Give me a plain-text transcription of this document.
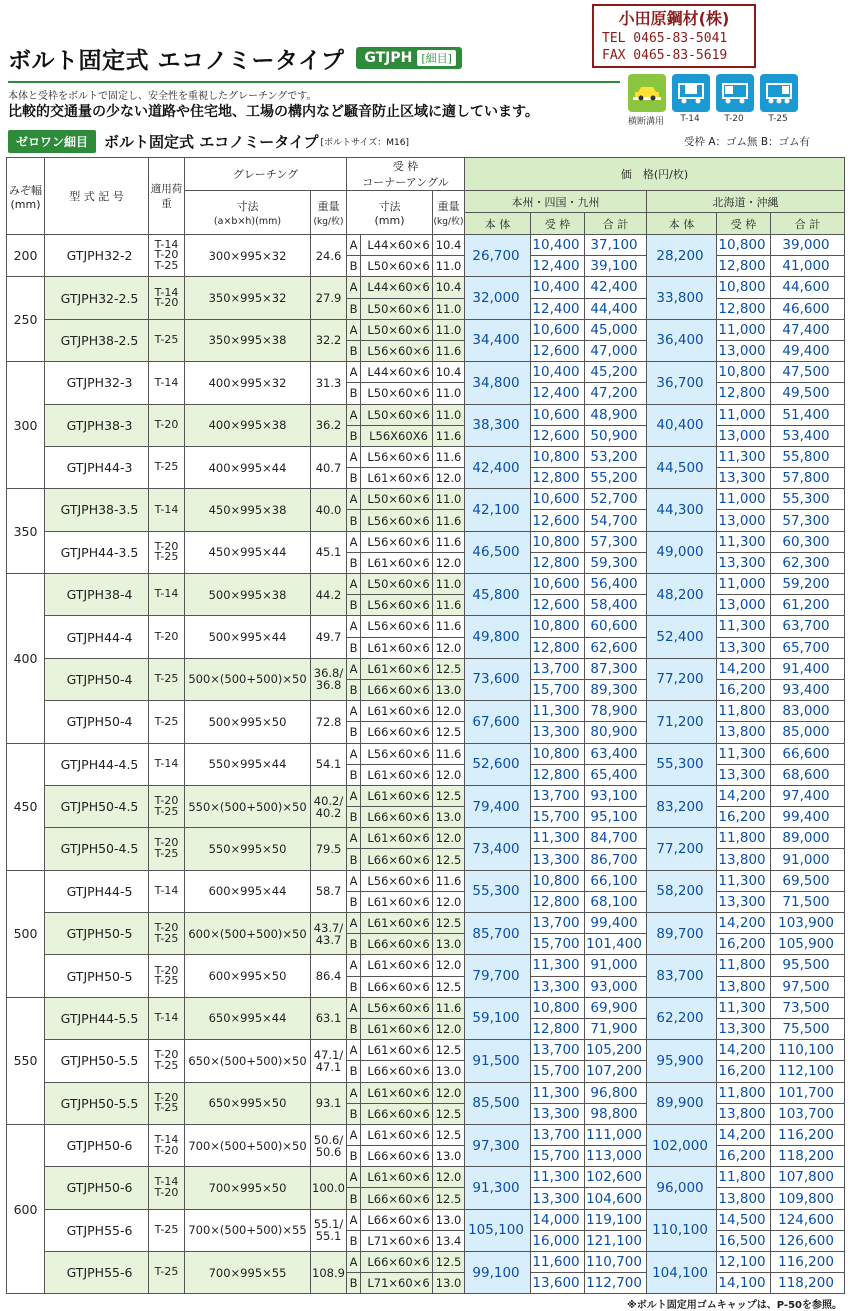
ボルト固定式 エコノミータイプ GTJPH [細目]
小田原鋼材(株)
TEL 0465-83-5041
FAX 0465-83-5619
本体と受枠をボルトで固定し、安全性を重視したグレーチングです。
比較的交通量の少ない道路や住宅地、工場の構内など騒音防止区域に適しています。
横断溝用	T-14	T-20	T-25
受枠 A：ゴム無 B：ゴム有
ゼロワン細目	ボルト固定式 エコノミータイプ [ボルトサイズ：M16]
みぞ幅
(mm)	型 式 記 号	適用荷重	グレーチング		受 枠
コーナーアングル			価　格(円/枚)					
			寸法
(a×b×h)(mm)	重量
(kg/枚)	寸法
(mm)		重量
(kg/枚)	本州・四国・九州			北海道・沖縄		
								本 体	受 枠	合 計	本 体	受 枠	合 計
200	GTJPH32-2	T-14
T-20
T-25	300×995×32	24.6	A	L44×60×6	10.4	26,700	10,400	37,100	28,200	10,800	39,000
					B	L50×60×6	11.0		12,400	39,100		12,800	41,000
250	GTJPH32-2.5	T-14
T-20	350×995×32	27.9	A	L44×60×6	10.4	32,000	10,400	42,400	33,800	10,800	44,600
					B	L50×60×6	11.0		12,400	44,400		12,800	46,600
	GTJPH38-2.5	T-25	350×995×38	32.2	A	L50×60×6	11.0	34,400	10,600	45,000	36,400	11,000	47,400
					B	L56×60×6	11.6		12,600	47,000		13,000	49,400
300	GTJPH32-3	T-14	400×995×32	31.3	A	L44×60×6	10.4	34,800	10,400	45,200	36,700	10,800	47,500
					B	L50×60×6	11.0		12,400	47,200		12,800	49,500
	GTJPH38-3	T-20	400×995×38	36.2	A	L50×60×6	11.0	38,300	10,600	48,900	40,400	11,000	51,400
					B	L56X60X6	11.6		12,600	50,900		13,000	53,400
	GTJPH44-3	T-25	400×995×44	40.7	A	L56×60×6	11.6	42,400	10,800	53,200	44,500	11,300	55,800
					B	L61×60×6	12.0		12,800	55,200		13,300	57,800
350	GTJPH38-3.5	T-14	450×995×38	40.0	A	L50×60×6	11.0	42,100	10,600	52,700	44,300	11,000	55,300
					B	L56×60×6	11.6		12,600	54,700		13,000	57,300
	GTJPH44-3.5	T-20
T-25	450×995×44	45.1	A	L56×60×6	11.6	46,500	10,800	57,300	49,000	11,300	60,300
					B	L61×60×6	12.0		12,800	59,300		13,300	62,300
400	GTJPH38-4	T-14	500×995×38	44.2	A	L50×60×6	11.0	45,800	10,600	56,400	48,200	11,000	59,200
					B	L56×60×6	11.6		12,600	58,400		13,000	61,200
	GTJPH44-4	T-20	500×995×44	49.7	A	L56×60×6	11.6	49,800	10,800	60,600	52,400	11,300	63,700
					B	L61×60×6	12.0		12,800	62,600		13,300	65,700
	GTJPH50-4	T-25	500×(500+500)×50	36.8/
36.8	A	L61×60×6	12.5	73,600	13,700	87,300	77,200	14,200	91,400
					B	L66×60×6	13.0		15,700	89,300		16,200	93,400
	GTJPH50-4	T-25	500×995×50	72.8	A	L61×60×6	12.0	67,600	11,300	78,900	71,200	11,800	83,000
					B	L66×60×6	12.5		13,300	80,900		13,800	85,000
450	GTJPH44-4.5	T-14	550×995×44	54.1	A	L56×60×6	11.6	52,600	10,800	63,400	55,300	11,300	66,600
					B	L61×60×6	12.0		12,800	65,400		13,300	68,600
	GTJPH50-4.5	T-20
T-25	550×(500+500)×50	40.2/
40.2	A	L61×60×6	12.5	79,400	13,700	93,100	83,200	14,200	97,400
					B	L66×60×6	13.0		15,700	95,100		16,200	99,400
	GTJPH50-4.5	T-20
T-25	550×995×50	79.5	A	L61×60×6	12.0	73,400	11,300	84,700	77,200	11,800	89,000
					B	L66×60×6	12.5		13,300	86,700		13,800	91,000
500	GTJPH44-5	T-14	600×995×44	58.7	A	L56×60×6	11.6	55,300	10,800	66,100	58,200	11,300	69,500
					B	L61×60×6	12.0		12,800	68,100		13,300	71,500
	GTJPH50-5	T-20
T-25	600×(500+500)×50	43.7/
43.7	A	L61×60×6	12.5	85,700	13,700	99,400	89,700	14,200	103,900
					B	L66×60×6	13.0		15,700	101,400		16,200	105,900
	GTJPH50-5	T-20
T-25	600×995×50	86.4	A	L61×60×6	12.0	79,700	11,300	91,000	83,700	11,800	95,500
					B	L66×60×6	12.5		13,300	93,000		13,800	97,500
550	GTJPH44-5.5	T-14	650×995×44	63.1	A	L56×60×6	11.6	59,100	10,800	69,900	62,200	11,300	73,500
					B	L61×60×6	12.0		12,800	71,900		13,300	75,500
	GTJPH50-5.5	T-20
T-25	650×(500+500)×50	47.1/
47.1	A	L61×60×6	12.5	91,500	13,700	105,200	95,900	14,200	110,100
					B	L66×60×6	13.0		15,700	107,200		16,200	112,100
	GTJPH50-5.5	T-20
T-25	650×995×50	93.1	A	L61×60×6	12.0	85,500	11,300	96,800	89,900	11,800	101,700
					B	L66×60×6	12.5		13,300	98,800		13,800	103,700
600	GTJPH50-6	T-14
T-20	700×(500+500)×50	50.6/
50.6	A	L61×60×6	12.5	97,300	13,700	111,000	102,000	14,200	116,200
					B	L66×60×6	13.0		15,700	113,000		16,200	118,200
	GTJPH50-6	T-14
T-20	700×995×50	100.0	A	L61×60×6	12.0	91,300	11,300	102,600	96,000	11,800	107,800
					B	L66×60×6	12.5		13,300	104,600		13,800	109,800
	GTJPH55-6	T-25	700×(500+500)×55	55.1/
55.1	A	L66×60×6	13.0	105,100	14,000	119,100	110,100	14,500	124,600
					B	L71×60×6	13.4		16,000	121,100		16,500	126,600
	GTJPH55-6	T-25	700×995×55	108.9	A	L66×60×6	12.5	99,100	11,600	110,700	104,100	12,100	116,200
					B	L71×60×6	13.0		13,600	112,700		14,100	118,200
※ボルト固定用ゴムキャップは、P-50を参照。
